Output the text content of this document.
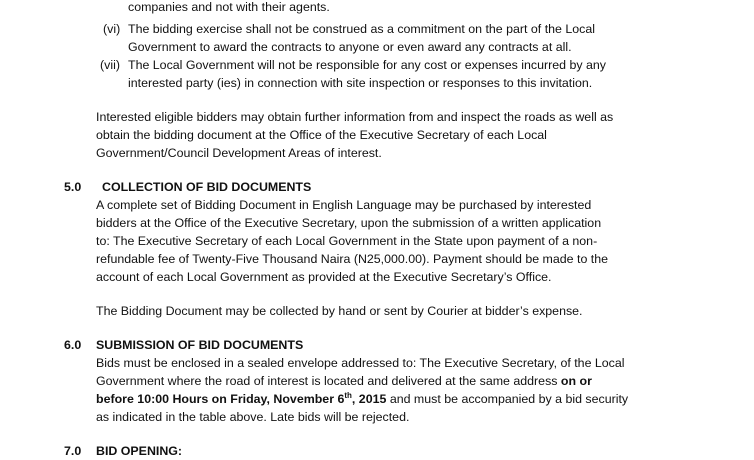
companies and not with their agents.
(vi) The bidding exercise shall not be construed as a commitment on the part of the Local
Government to award the contracts to anyone or even award any contracts at all.
(vii) The Local Government will not be responsible for any cost or expenses incurred by any
interested party (ies) in connection with site inspection or responses to this invitation.
Interested eligible bidders may obtain further information from and inspect the roads as well as
obtain the bidding document at the Office of the Executive Secretary of each Local
Government/Council Development Areas of interest.
5.0 COLLECTION OF BID DOCUMENTS
A complete set of Bidding Document in English Language may be purchased by interested
bidders at the Office of the Executive Secretary, upon the submission of a written application
to: The Executive Secretary of each Local Government in the State upon payment of a non-
refundable fee of Twenty-Five Thousand Naira (N25,000.00). Payment should be made to the
account of each Local Government as provided at the Executive Secretary’s Office.
The Bidding Document may be collected by hand or sent by Courier at bidder’s expense.
6.0 SUBMISSION OF BID DOCUMENTS
Bids must be enclosed in a sealed envelope addressed to: The Executive Secretary, of the Local
Government where the road of interest is located and delivered at the same address on or
before 10:00 Hours on Friday, November 6th, 2015 and must be accompanied by a bid security
as indicated in the table above. Late bids will be rejected.
7.0 BID OPENING:
